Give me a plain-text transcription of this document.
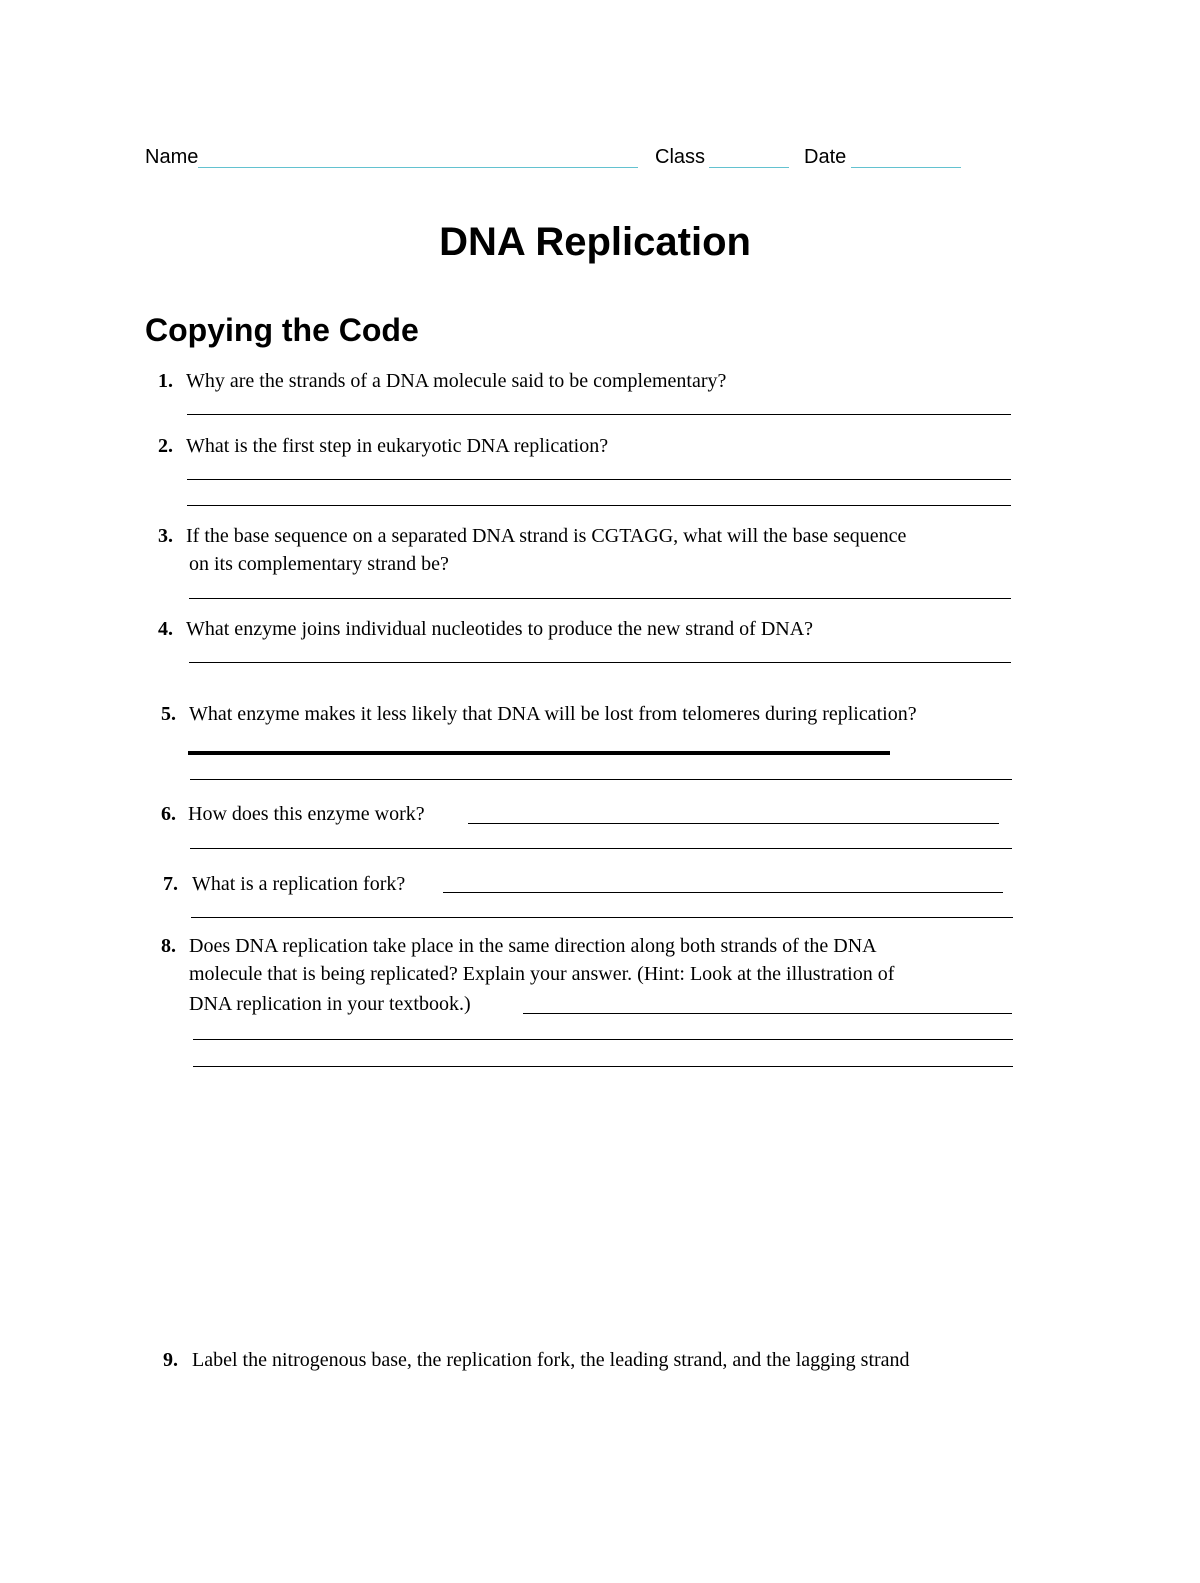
Name	Class	Date
DNA Replication
Copying the Code
1. Why are the strands of a DNA molecule said to be complementary?
2. What is the first step in eukaryotic DNA replication?
3. If the base sequence on a separated DNA strand is CGTAGG, what will the base sequence
on its complementary strand be?
4. What enzyme joins individual nucleotides to produce the new strand of DNA?
5. What enzyme makes it less likely that DNA will be lost from telomeres during replication?
6. How does this enzyme work?
7. What is a replication fork?
8. Does DNA replication take place in the same direction along both strands of the DNA
molecule that is being replicated? Explain your answer. (Hint: Look at the illustration of
DNA replication in your textbook.)
9. Label the nitrogenous base, the replication fork, the leading strand, and the lagging strand
